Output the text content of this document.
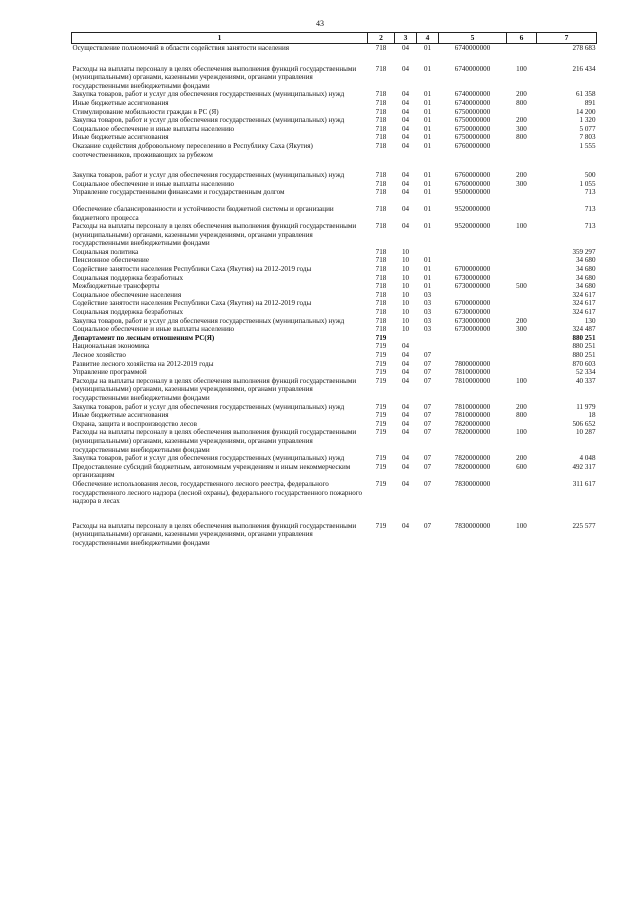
43
1	2	3	4	5	6	7
Осуществление полномочий в области содействия занятости населения	718	04	01	6740000000		278 683
Расходы на выплаты персоналу в целях обеспечения выполнения функций государственными (муниципальными) органами, казенными учреждениями, органами управления государственными внебюджетными фондами	718	04	01	6740000000	100	216 434
Закупка товаров, работ и услуг для обеспечения государственных (муниципальных) нужд	718	04	01	6740000000	200	61 358
Иные бюджетные ассигнования	718	04	01	6740000000	800	891
Стимулирование мобильности граждан в РС (Я)	718	04	01	6750000000		14 200
Закупка товаров, работ и услуг для обеспечения государственных (муниципальных) нужд	718	04	01	6750000000	200	1 320
Социальное обеспечение и иные выплаты населению	718	04	01	6750000000	300	5 077
Иные бюджетные ассигнования	718	04	01	6750000000	800	7 803
Оказание содействия добровольному переселению в Республику Саха (Якутия) соотечественников, проживающих за рубежом	718	04	01	6760000000		1 555
Закупка товаров, работ и услуг для обеспечения государственных (муниципальных) нужд	718	04	01	6760000000	200	500
Социальное обеспечение и иные выплаты населению	718	04	01	6760000000	300	1 055
Управление государственными финансами и государственным долгом	718	04	01	9500000000		713
Обеспечение сбалансированности и устойчивости бюджетной системы и организации бюджетного процесса	718	04	01	9520000000		713
Расходы на выплаты персоналу в целях обеспечения выполнения функций государственными (муниципальными) органами, казенными учреждениями, органами управления государственными внебюджетными фондами	718	04	01	9520000000	100	713
Социальная политика	718	10				359 297
Пенсионное обеспечение	718	10	01			34 680
Содействие занятости населения Республики Саха (Якутия) на 2012-2019 годы	718	10	01	6700000000		34 680
Социальная поддержка безработных	718	10	01	6730000000		34 680
Межбюджетные трансферты	718	10	01	6730000000	500	34 680
Социальное обеспечение населения	718	10	03			324 617
Содействие занятости населения Республики Саха (Якутия) на 2012-2019 годы	718	10	03	6700000000		324 617
Социальная поддержка безработных	718	10	03	6730000000		324 617
Закупка товаров, работ и услуг для обеспечения государственных (муниципальных) нужд	718	10	03	6730000000	200	130
Социальное обеспечение и иные выплаты населению	718	10	03	6730000000	300	324 487
Департамент по лесным отношениям РС(Я)	719					880 251
Национальная экономика	719	04				880 251
Лесное хозяйство	719	04	07			880 251
Развитие лесного хозяйства на 2012-2019 годы	719	04	07	7800000000		870 603
Управление программой	719	04	07	7810000000		52 334
Расходы на выплаты персоналу в целях обеспечения выполнения функций государственными (муниципальными) органами, казенными учреждениями, органами управления государственными внебюджетными фондами	719	04	07	7810000000	100	40 337
Закупка товаров, работ и услуг для обеспечения государственных (муниципальных) нужд	719	04	07	7810000000	200	11 979
Иные бюджетные ассигнования	719	04	07	7810000000	800	18
Охрана, защита и воспроизводство лесов	719	04	07	7820000000		506 652
Расходы на выплаты персоналу в целях обеспечения выполнения функций государственными (муниципальными) органами, казенными учреждениями, органами управления государственными внебюджетными фондами	719	04	07	7820000000	100	10 287
Закупка товаров, работ и услуг для обеспечения государственных (муниципальных) нужд	719	04	07	7820000000	200	4 048
Предоставление субсидий бюджетным, автономным учреждениям и иным некоммерческим организациям	719	04	07	7820000000	600	492 317
Обеспечение использования лесов, государственного лесного реестра, федерального государственного лесного надзора (лесной охраны), федерального государственного пожарного надзора в лесах	719	04	07	7830000000		311 617
Расходы на выплаты персоналу в целях обеспечения выполнения функций государственными (муниципальными) органами, казенными учреждениями, органами управления государственными внебюджетными фондами	719	04	07	7830000000	100	225 577
